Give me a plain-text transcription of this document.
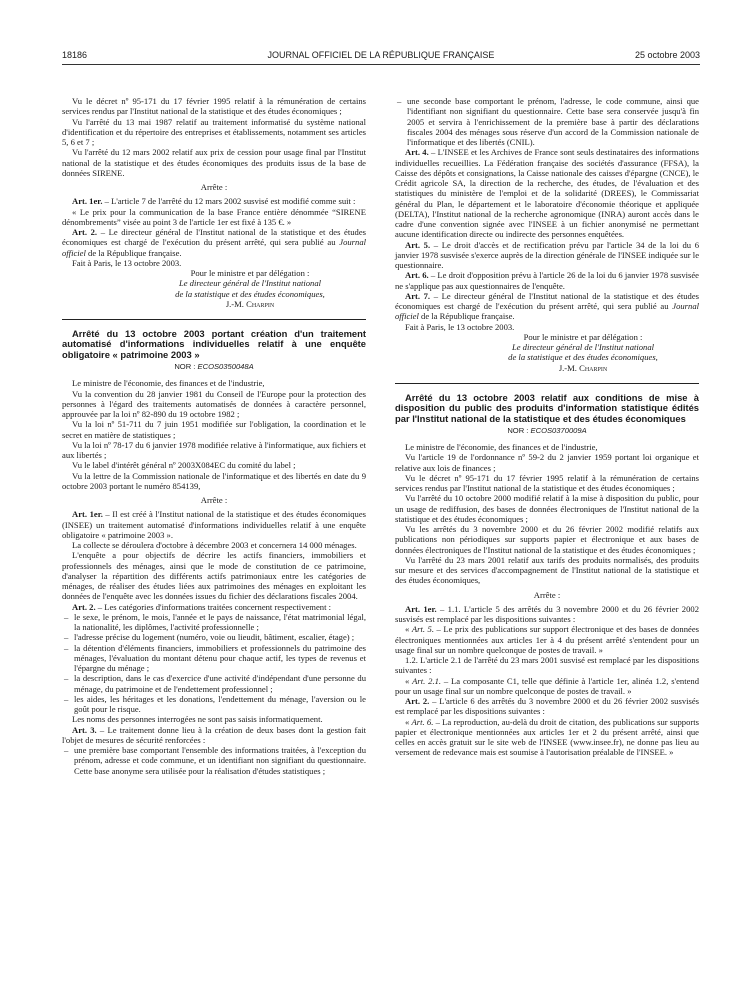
18186	JOURNAL OFFICIEL DE LA RÉPUBLIQUE FRANÇAISE	25 octobre 2003

Vu le décret nº 95-171 du 17 février 1995 relatif à la rémunération de certains services rendus par l'Institut national de la statistique et des études économiques ;

Vu l'arrêté du 13 mai 1987 relatif au traitement informatisé du système national d'identification et du répertoire des entreprises et établissements, notamment ses articles 5, 6 et 7 ;

Vu l'arrêté du 12 mars 2002 relatif aux prix de cession pour usage final par l'Institut national de la statistique et des études économiques des produits issus de la base de données SIRENE.

Arrête :

Art. 1er. – L'article 7 de l'arrêté du 12 mars 2002 susvisé est modifié comme suit :

« Le prix pour la communication de la base France entière dénommée “SIRENE dénombrements” visée au point 3 de l'article 1er est fixé à 135 €. »

Art. 2. – Le directeur général de l'Institut national de la statistique et des études économiques est chargé de l'exécution du présent arrêté, qui sera publié au Journal officiel de la République française.

Fait à Paris, le 13 octobre 2003.

Pour le ministre et par délégation :
Le directeur général de l'Institut national
de la statistique et des études économiques,
J.-M. Charpin

Arrêté du 13 octobre 2003 portant création d'un traitement automatisé d'informations individuelles relatif à une enquête obligatoire « patrimoine 2003 »

NOR : ECOS0350048A

Le ministre de l'économie, des finances et de l'industrie,

Vu la convention du 28 janvier 1981 du Conseil de l'Europe pour la protection des personnes à l'égard des traitements automatisés de données à caractère personnel, approuvée par la loi nº 82-890 du 19 octobre 1982 ;

Vu la loi nº 51-711 du 7 juin 1951 modifiée sur l'obligation, la coordination et le secret en matière de statistiques ;

Vu la loi nº 78-17 du 6 janvier 1978 modifiée relative à l'informatique, aux fichiers et aux libertés ;

Vu le label d'intérêt général nº 2003X084EC du comité du label ;

Vu la lettre de la Commission nationale de l'informatique et des libertés en date du 9 octobre 2003 portant le numéro 854139,

Arrête :

Art. 1er. – Il est créé à l'Institut national de la statistique et des études économiques (INSEE) un traitement automatisé d'informations individuelles relatif à une enquête obligatoire « patrimoine 2003 ».

La collecte se déroulera d'octobre à décembre 2003 et concernera 14 000 ménages.

L'enquête a pour objectifs de décrire les actifs financiers, immobiliers et professionnels des ménages, ainsi que le mode de constitution de ce patrimoine, d'analyser la répartition des différents actifs patrimoniaux entre les catégories de ménages, de réaliser des études liées aux patrimoines des ménages en exploitant les données de l'enquête avec les données issues du fichier des déclarations fiscales 2004.

Art. 2. – Les catégories d'informations traitées concernent respectivement :

– le sexe, le prénom, le mois, l'année et le pays de naissance, l'état matrimonial légal, la nationalité, les diplômes, l'activité professionnelle ;
– l'adresse précise du logement (numéro, voie ou lieudit, bâtiment, escalier, étage) ;
– la détention d'éléments financiers, immobiliers et professionnels du patrimoine des ménages, l'évaluation du montant détenu pour chaque actif, les types de revenus et l'épargne du ménage ;
– la description, dans le cas d'exercice d'une activité d'indépendant d'une personne du ménage, du patrimoine et de l'endettement professionnel ;
– les aides, les héritages et les donations, l'endettement du ménage, l'aversion ou le goût pour le risque.

Les noms des personnes interrogées ne sont pas saisis informatiquement.

Art. 3. – Le traitement donne lieu à la création de deux bases dont la gestion fait l'objet de mesures de sécurité renforcées :

– une première base comportant l'ensemble des informations traitées, à l'exception du prénom, adresse et code commune, et un identifiant non signifiant du questionnaire. Cette base anonyme sera utilisée pour la réalisation d'études statistiques ;
– une seconde base comportant le prénom, l'adresse, le code commune, ainsi que l'identifiant non signifiant du questionnaire. Cette base sera conservée jusqu'à fin 2005 et servira à l'enrichissement de la première base à partir des déclarations fiscales 2004 des ménages sous réserve d'un accord de la Commission nationale de l'informatique et des libertés (CNIL).

Art. 4. – L'INSEE et les Archives de France sont seuls destinataires des informations individuelles recueillies. La Fédération française des sociétés d'assurance (FFSA), la Caisse des dépôts et consignations, la Caisse nationale des caisses d'épargne (CNCE), le Crédit agricole SA, la direction de la recherche, des études, de l'évaluation et des statistiques du ministère de l'emploi et de la solidarité (DREES), le Commissariat général du Plan, le département et le laboratoire d'économie théorique et appliquée (DELTA), l'Institut national de la recherche agronomique (INRA) auront accès dans le cadre d'une convention signée avec l'INSEE à un fichier anonymisé ne permettant aucune identification directe ou indirecte des personnes enquêtées.

Art. 5. – Le droit d'accès et de rectification prévu par l'article 34 de la loi du 6 janvier 1978 susvisée s'exerce auprès de la direction générale de l'INSEE indiquée sur le questionnaire.

Art. 6. – Le droit d'opposition prévu à l'article 26 de la loi du 6 janvier 1978 susvisée ne s'applique pas aux questionnaires de l'enquête.

Art. 7. – Le directeur général de l'Institut national de la statistique et des études économiques est chargé de l'exécution du présent arrêté, qui sera publié au Journal officiel de la République française.

Fait à Paris, le 13 octobre 2003.

Pour le ministre et par délégation :
Le directeur général de l'Institut national
de la statistique et des études économiques,
J.-M. Charpin

Arrêté du 13 octobre 2003 relatif aux conditions de mise à disposition du public des produits d'information statistique édités par l'Institut national de la statistique et des études économiques

NOR : ECOS0370009A

Le ministre de l'économie, des finances et de l'industrie,

Vu l'article 19 de l'ordonnance nº 59-2 du 2 janvier 1959 portant loi organique et relative aux lois de finances ;

Vu le décret nº 95-171 du 17 février 1995 relatif à la rémunération de certains services rendus par l'Institut national de la statistique et des études économiques ;

Vu l'arrêté du 10 octobre 2000 modifié relatif à la mise à disposition du public, pour un usage de rediffusion, des bases de données électroniques de l'Institut national de la statistique et des études économiques ;

Vu les arrêtés du 3 novembre 2000 et du 26 février 2002 modifié relatifs aux publications non périodiques sur supports papier et électronique et aux bases de données électroniques de l'Institut national de la statistique et des études économiques ;

Vu l'arrêté du 23 mars 2001 relatif aux tarifs des produits normalisés, des produits sur mesure et des services d'accompagnement de l'Institut national de la statistique et des études économiques,

Arrête :

Art. 1er. – 1.1. L'article 5 des arrêtés du 3 novembre 2000 et du 26 février 2002 susvisés est remplacé par les dispositions suivantes :

« Art. 5. – Le prix des publications sur support électronique et des bases de données électroniques mentionnées aux articles 1er à 4 du présent arrêté s'entendent pour un usage final sur un nombre quelconque de postes de travail. »

1.2. L'article 2.1 de l'arrêté du 23 mars 2001 susvisé est remplacé par les dispositions suivantes :

« Art. 2.1. – La composante C1, telle que définie à l'article 1er, alinéa 1.2, s'entend pour un usage final sur un nombre quelconque de postes de travail. »

Art. 2. – L'article 6 des arrêtés du 3 novembre 2000 et du 26 février 2002 susvisés est remplacé par les dispositions suivantes :

« Art. 6. – La reproduction, au-delà du droit de citation, des publications sur supports papier et électronique mentionnées aux articles 1er et 2 du présent arrêté, ainsi que celles en accès gratuit sur le site web de l'INSEE (www.insee.fr), ne donne pas lieu au versement de redevance mais est soumise à l'autorisation préalable de l'INSEE. »
